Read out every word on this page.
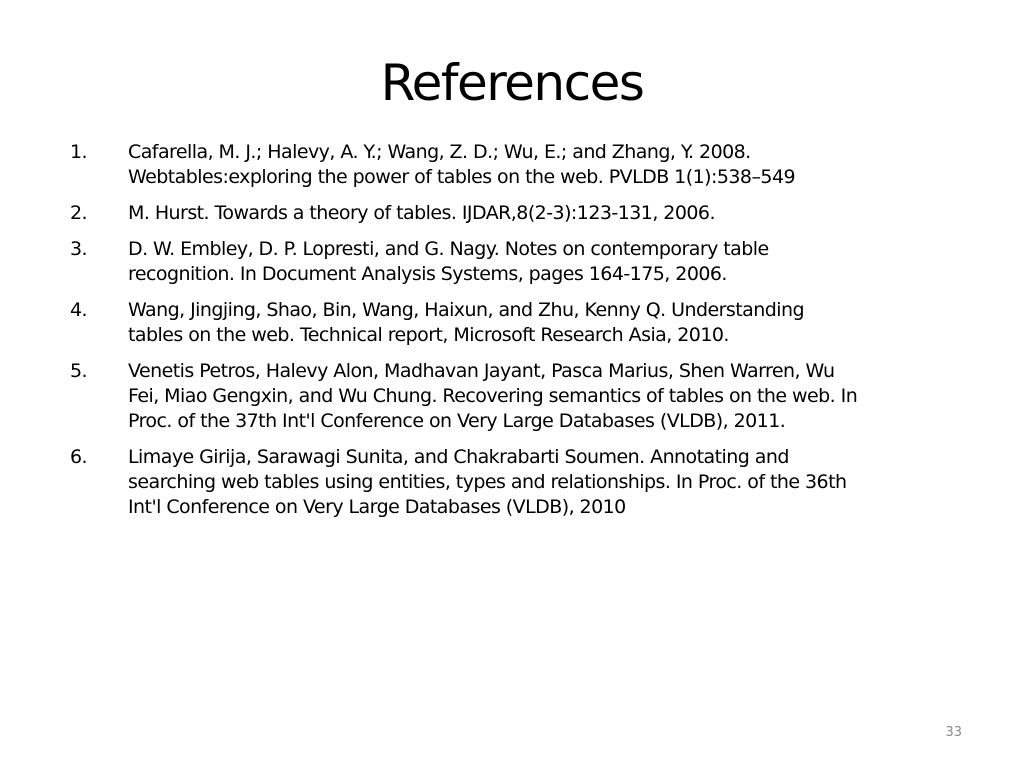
References
1.	Cafarella, M. J.; Halevy, A. Y.; Wang, Z. D.; Wu, E.; and Zhang, Y. 2008.
Webtables:exploring the power of tables on the web. PVLDB 1(1):538–549
2.	M. Hurst. Towards a theory of tables. IJDAR,8(2-3):123-131, 2006.
3.	D. W. Embley, D. P. Lopresti, and G. Nagy. Notes on contemporary table
recognition. In Document Analysis Systems, pages 164-175, 2006.
4.	Wang, Jingjing, Shao, Bin, Wang, Haixun, and Zhu, Kenny Q. Understanding
tables on the web. Technical report, Microsoft Research Asia, 2010.
5.	Venetis Petros, Halevy Alon, Madhavan Jayant, Pasca Marius, Shen Warren, Wu
Fei, Miao Gengxin, and Wu Chung. Recovering semantics of tables on the web. In
Proc. of the 37th Int'l Conference on Very Large Databases (VLDB), 2011.
6.	Limaye Girija, Sarawagi Sunita, and Chakrabarti Soumen. Annotating and
searching web tables using entities, types and relationships. In Proc. of the 36th
Int'l Conference on Very Large Databases (VLDB), 2010
33
